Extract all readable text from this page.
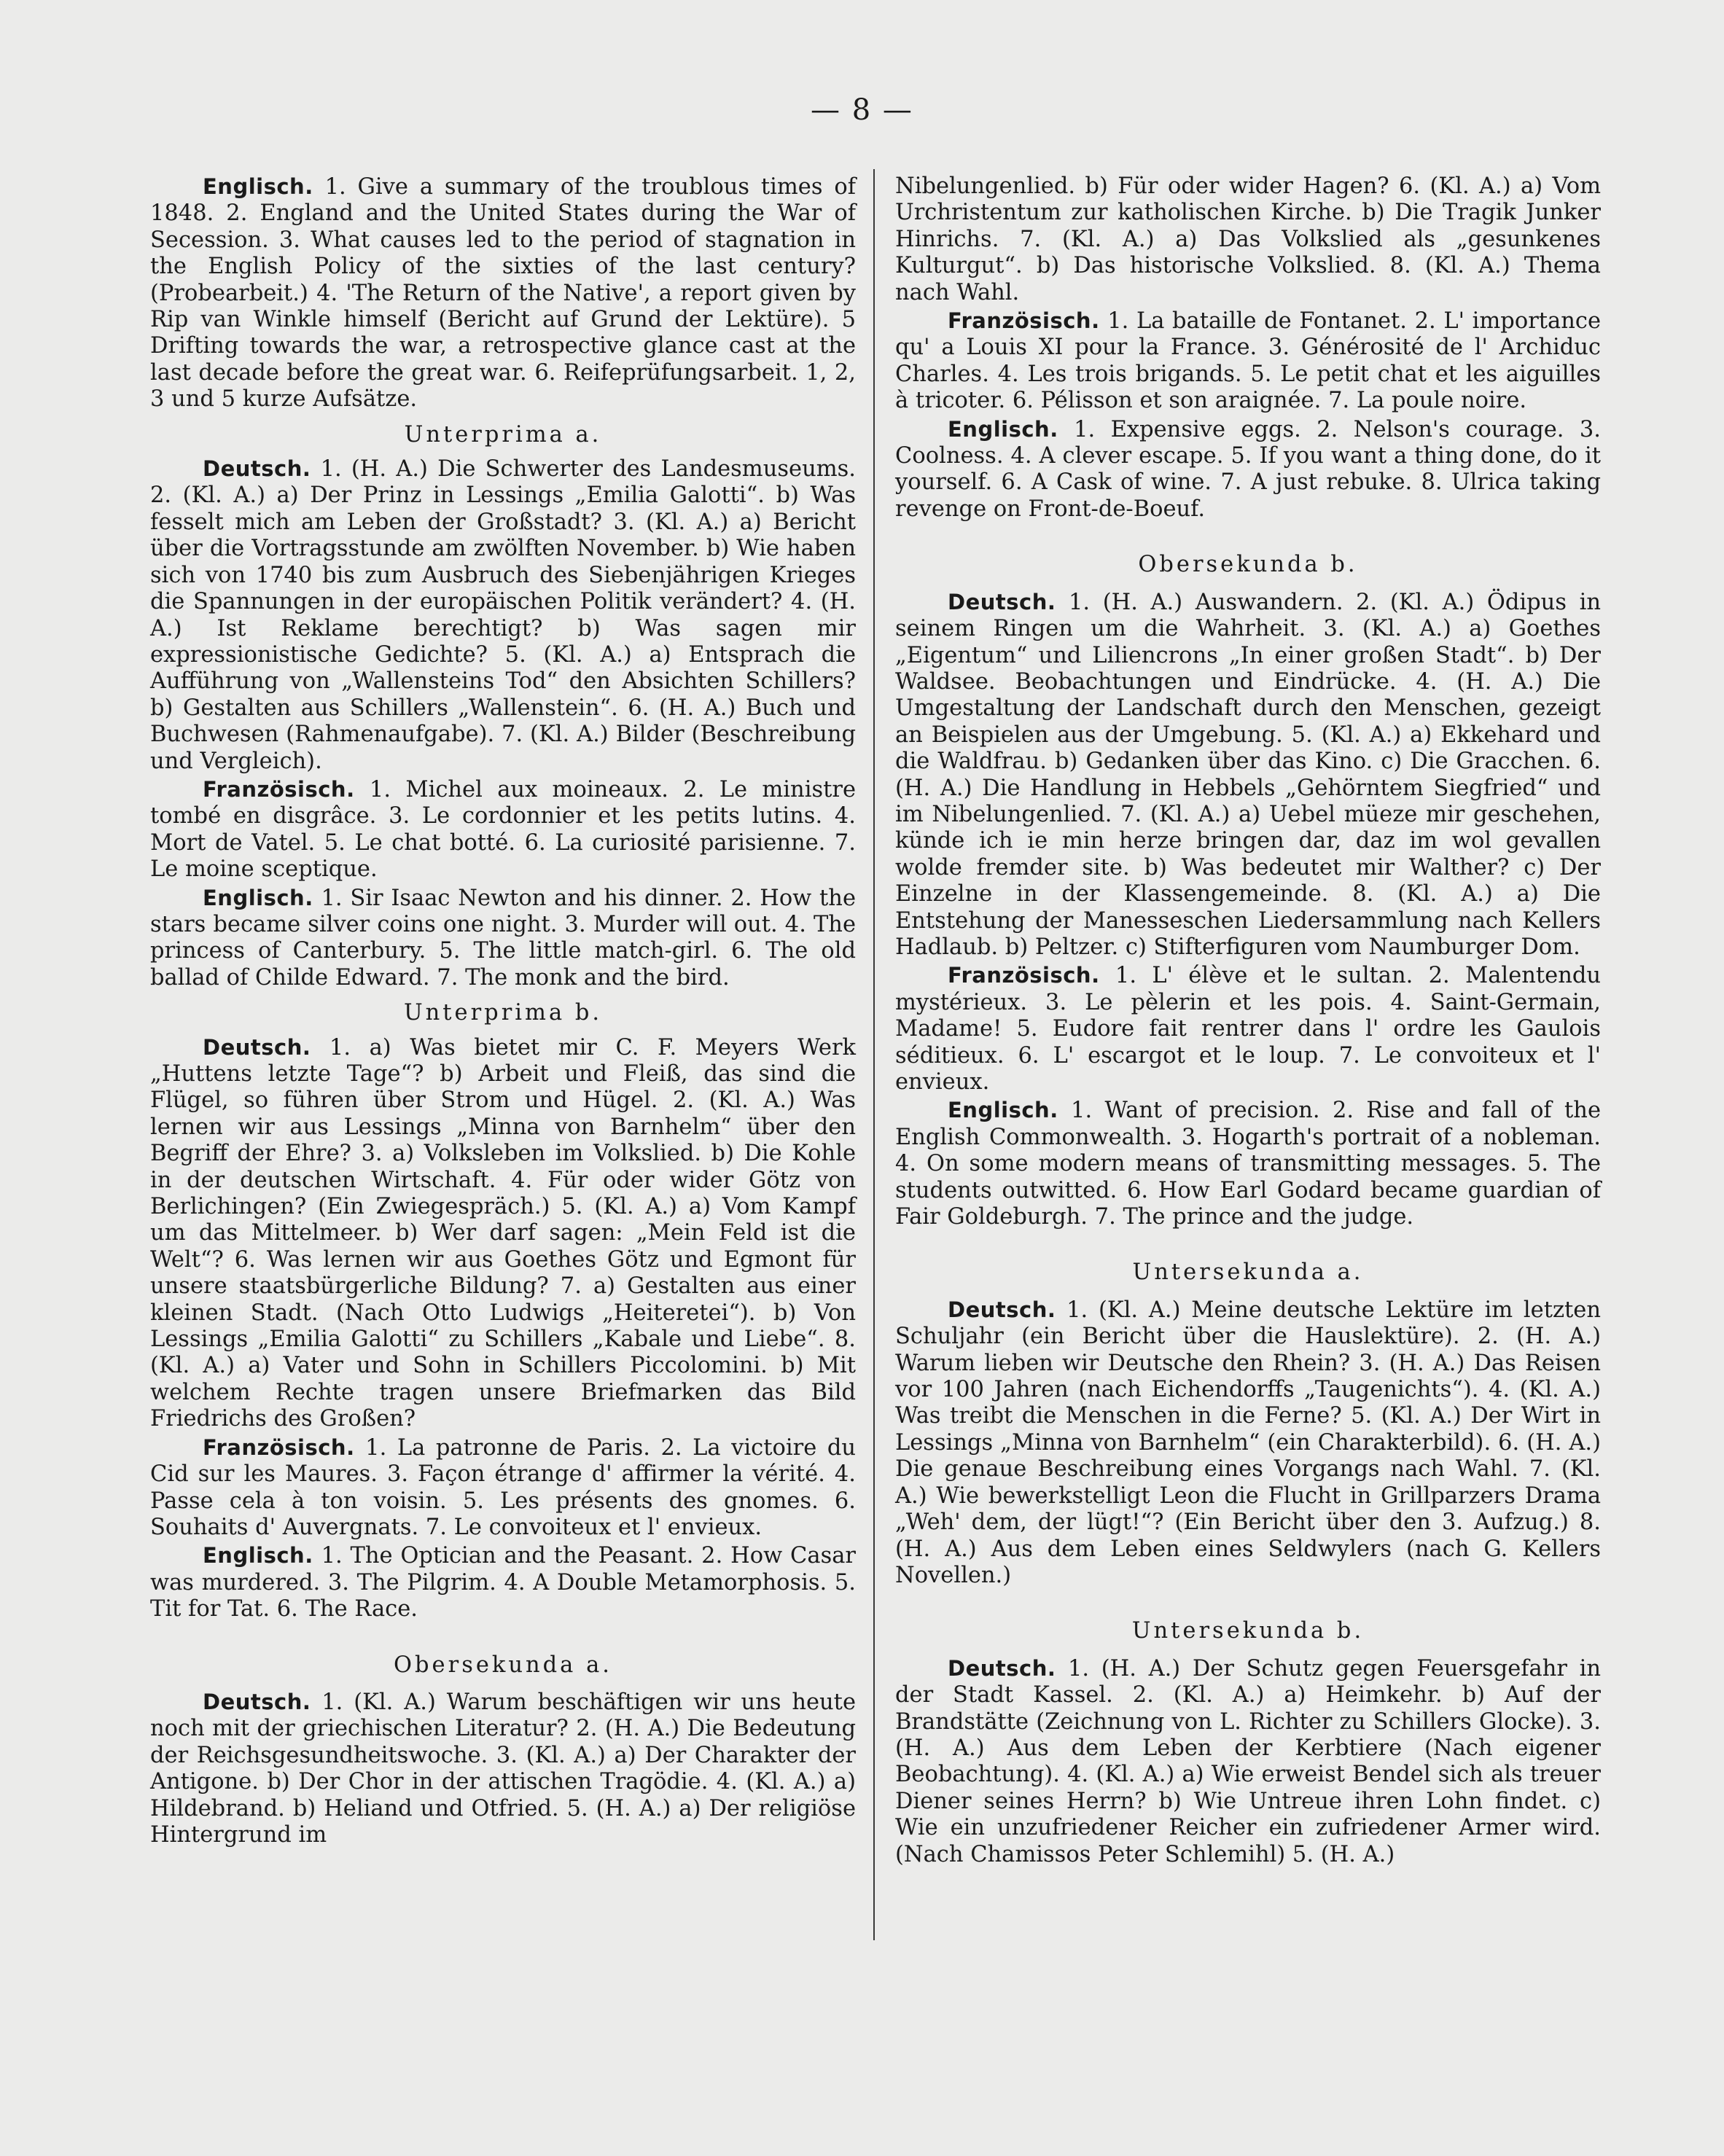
— 8 —

Englisch. 1. Give a summary of the troublous times of 1848. 2. England and the United States during the War of Secession. 3. What causes led to the period of stagnation in the English Policy of the sixties of the last century? (Probearbeit.) 4. 'The Return of the Native', a report given by Rip van Winkle himself (Bericht auf Grund der Lektüre). 5 Drifting towards the war, a retrospective glance cast at the last decade before the great war. 6. Reifeprüfungsarbeit. 1, 2, 3 und 5 kurze Aufsätze.

Unterprima a.

Deutsch. 1. (H. A.) Die Schwerter des Landesmuseums. 2. (Kl. A.) a) Der Prinz in Lessings „Emilia Galotti“. b) Was fesselt mich am Leben der Großstadt? 3. (Kl. A.) a) Bericht über die Vortragsstunde am zwölften November. b) Wie haben sich von 1740 bis zum Ausbruch des Siebenjährigen Krieges die Spannungen in der europäischen Politik verändert? 4. (H. A.) Ist Reklame berechtigt? b) Was sagen mir expressionistische Gedichte? 5. (Kl. A.) a) Entsprach die Aufführung von „Wallensteins Tod“ den Absichten Schillers? b) Gestalten aus Schillers „Wallenstein“. 6. (H. A.) Buch und Buchwesen (Rahmenaufgabe). 7. (Kl. A.) Bilder (Beschreibung und Vergleich).

Französisch. 1. Michel aux moineaux. 2. Le ministre tombé en disgrâce. 3. Le cordonnier et les petits lutins. 4. Mort de Vatel. 5. Le chat botté. 6. La curiosité parisienne. 7. Le moine sceptique.

Englisch. 1. Sir Isaac Newton and his dinner. 2. How the stars became silver coins one night. 3. Murder will out. 4. The princess of Canterbury. 5. The little match-girl. 6. The old ballad of Childe Edward. 7. The monk and the bird.

Unterprima b.

Deutsch. 1. a) Was bietet mir C. F. Meyers Werk „Huttens letzte Tage“? b) Arbeit und Fleiß, das sind die Flügel, so führen über Strom und Hügel. 2. (Kl. A.) Was lernen wir aus Lessings „Minna von Barnhelm“ über den Begriff der Ehre? 3. a) Volksleben im Volkslied. b) Die Kohle in der deutschen Wirtschaft. 4. Für oder wider Götz von Berlichingen? (Ein Zwiegespräch.) 5. (Kl. A.) a) Vom Kampf um das Mittelmeer. b) Wer darf sagen: „Mein Feld ist die Welt“? 6. Was lernen wir aus Goethes Götz und Egmont für unsere staatsbürgerliche Bildung? 7. a) Gestalten aus einer kleinen Stadt. (Nach Otto Ludwigs „Heiteretei“). b) Von Lessings „Emilia Galotti“ zu Schillers „Kabale und Liebe“. 8. (Kl. A.) a) Vater und Sohn in Schillers Piccolomini. b) Mit welchem Rechte tragen unsere Briefmarken das Bild Friedrichs des Großen?

Französisch. 1. La patronne de Paris. 2. La victoire du Cid sur les Maures. 3. Façon étrange d' affirmer la vérité. 4. Passe cela à ton voisin. 5. Les présents des gnomes. 6. Souhaits d' Auvergnats. 7. Le convoiteux et l' envieux.

Englisch. 1. The Optician and the Peasant. 2. How Casar was murdered. 3. The Pilgrim. 4. A Double Metamorphosis. 5. Tit for Tat. 6. The Race.

Obersekunda a.

Deutsch. 1. (Kl. A.) Warum beschäftigen wir uns heute noch mit der griechischen Literatur? 2. (H. A.) Die Bedeutung der Reichsgesundheitswoche. 3. (Kl. A.) a) Der Charakter der Antigone. b) Der Chor in der attischen Tragödie. 4. (Kl. A.) a) Hildebrand. b) Heliand und Otfried. 5. (H. A.) a) Der religiöse Hintergrund im

Nibelungenlied. b) Für oder wider Hagen? 6. (Kl. A.) a) Vom Urchristentum zur katholischen Kirche. b) Die Tragik Junker Hinrichs. 7. (Kl. A.) a) Das Volkslied als „gesunkenes Kulturgut“. b) Das historische Volkslied. 8. (Kl. A.) Thema nach Wahl.

Französisch. 1. La bataille de Fontanet. 2. L' importance qu' a Louis XI pour la France. 3. Générosité de l' Archiduc Charles. 4. Les trois brigands. 5. Le petit chat et les aiguilles à tricoter. 6. Pélisson et son araignée. 7. La poule noire.

Englisch. 1. Expensive eggs. 2. Nelson's courage. 3. Coolness. 4. A clever escape. 5. If you want a thing done, do it yourself. 6. A Cask of wine. 7. A just rebuke. 8. Ulrica taking revenge on Front-de-Boeuf.

Obersekunda b.

Deutsch. 1. (H. A.) Auswandern. 2. (Kl. A.) Ödipus in seinem Ringen um die Wahrheit. 3. (Kl. A.) a) Goethes „Eigentum“ und Liliencrons „In einer großen Stadt“. b) Der Waldsee. Beobachtungen und Eindrücke. 4. (H. A.) Die Umgestaltung der Landschaft durch den Menschen, gezeigt an Beispielen aus der Umgebung. 5. (Kl. A.) a) Ekkehard und die Waldfrau. b) Gedanken über das Kino. c) Die Gracchen. 6. (H. A.) Die Handlung in Hebbels „Gehörntem Siegfried“ und im Nibelungenlied. 7. (Kl. A.) a) Uebel müeze mir geschehen, künde ich ie min herze bringen dar, daz im wol gevallen wolde fremder site. b) Was bedeutet mir Walther? c) Der Einzelne in der Klassengemeinde. 8. (Kl. A.) a) Die Entstehung der Manesseschen Liedersammlung nach Kellers Hadlaub. b) Peltzer. c) Stifterfiguren vom Naumburger Dom.

Französisch. 1. L' élève et le sultan. 2. Malentendu mystérieux. 3. Le pèlerin et les pois. 4. Saint-Germain, Madame! 5. Eudore fait rentrer dans l' ordre les Gaulois séditieux. 6. L' escargot et le loup. 7. Le convoiteux et l' envieux.

Englisch. 1. Want of precision. 2. Rise and fall of the English Commonwealth. 3. Hogarth's portrait of a nobleman. 4. On some modern means of transmitting messages. 5. The students outwitted. 6. How Earl Godard became guardian of Fair Goldeburgh. 7. The prince and the judge.

Untersekunda a.

Deutsch. 1. (Kl. A.) Meine deutsche Lektüre im letzten Schuljahr (ein Bericht über die Hauslektüre). 2. (H. A.) Warum lieben wir Deutsche den Rhein? 3. (H. A.) Das Reisen vor 100 Jahren (nach Eichendorffs „Taugenichts“). 4. (Kl. A.) Was treibt die Menschen in die Ferne? 5. (Kl. A.) Der Wirt in Lessings „Minna von Barnhelm“ (ein Charakterbild). 6. (H. A.) Die genaue Beschreibung eines Vorgangs nach Wahl. 7. (Kl. A.) Wie bewerkstelligt Leon die Flucht in Grillparzers Drama „Weh' dem, der lügt!“? (Ein Bericht über den 3. Aufzug.) 8. (H. A.) Aus dem Leben eines Seldwylers (nach G. Kellers Novellen.)

Untersekunda b.

Deutsch. 1. (H. A.) Der Schutz gegen Feuersgefahr in der Stadt Kassel. 2. (Kl. A.) a) Heimkehr. b) Auf der Brandstätte (Zeichnung von L. Richter zu Schillers Glocke). 3. (H. A.) Aus dem Leben der Kerbtiere (Nach eigener Beobachtung). 4. (Kl. A.) a) Wie erweist Bendel sich als treuer Diener seines Herrn? b) Wie Untreue ihren Lohn findet. c) Wie ein unzufriedener Reicher ein zufriedener Armer wird. (Nach Chamissos Peter Schlemihl) 5. (H. A.)
